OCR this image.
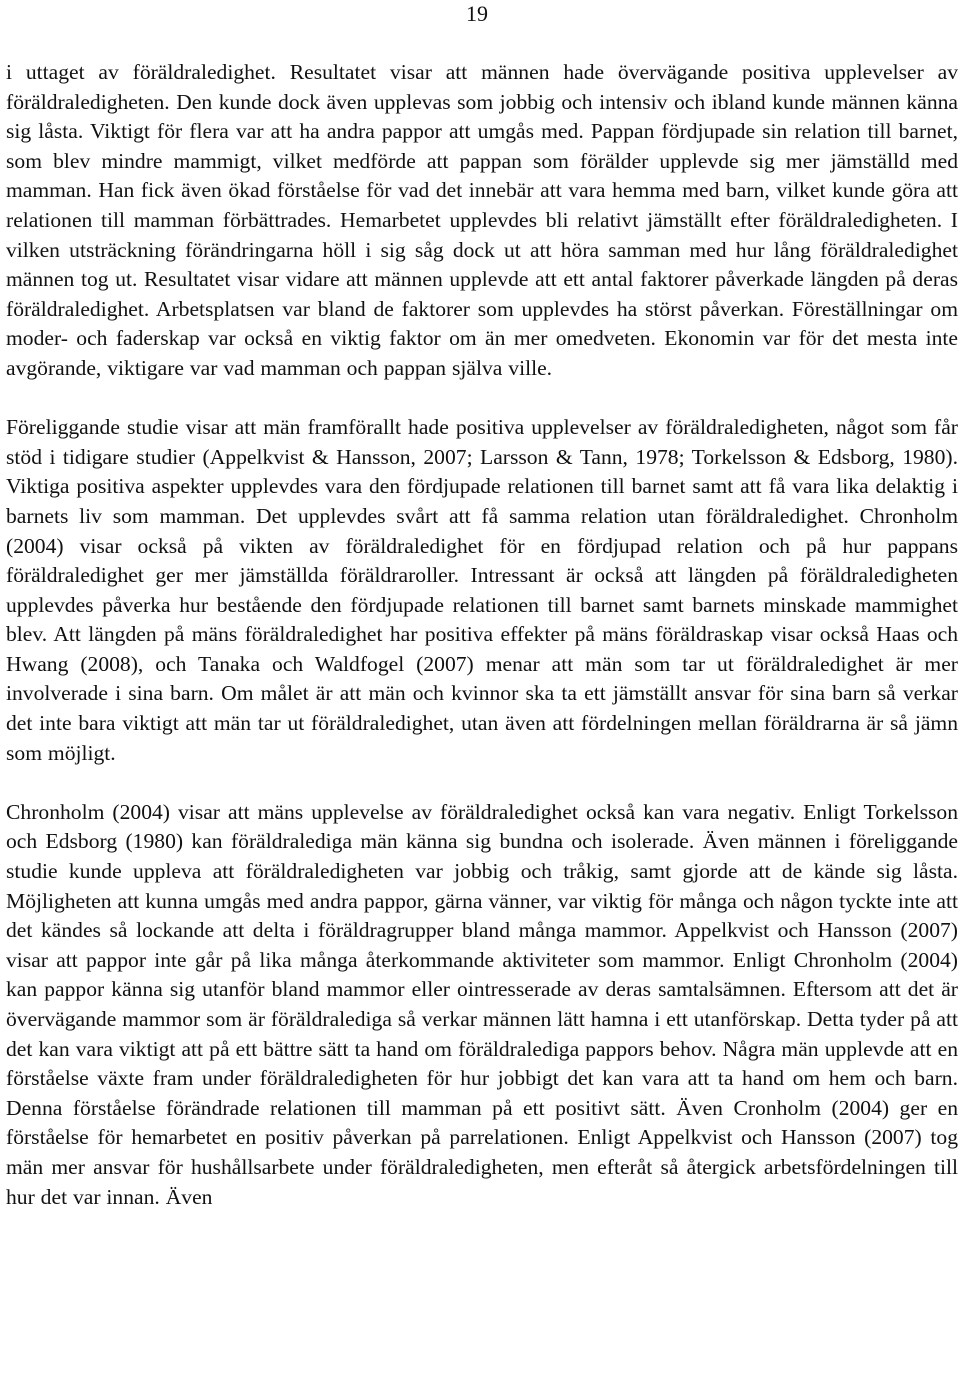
19

i uttaget av föräldraledighet. Resultatet visar att männen hade övervägande positiva upplevelser av föräldraledigheten. Den kunde dock även upplevas som jobbig och intensiv och ibland kunde männen känna sig låsta. Viktigt för flera var att ha andra pappor att umgås med. Pappan fördjupade sin relation till barnet, som blev mindre mammigt, vilket medförde att pappan som förälder upplevde sig mer jämställd med mamman. Han fick även ökad förståelse för vad det innebär att vara hemma med barn, vilket kunde göra att relationen till mamman förbättrades. Hemarbetet upplevdes bli relativt jämställt efter föräldraledigheten. I vilken utsträckning förändringarna höll i sig såg dock ut att höra samman med hur lång föräldraledighet männen tog ut. Resultatet visar vidare att männen upplevde att ett antal faktorer påverkade längden på deras föräldraledighet. Arbetsplatsen var bland de faktorer som upplevdes ha störst påverkan. Föreställningar om moder- och faderskap var också en viktig faktor om än mer omedveten. Ekonomin var för det mesta inte avgörande, viktigare var vad mamman och pappan själva ville.

Föreliggande studie visar att män framförallt hade positiva upplevelser av föräldraledigheten, något som får stöd i tidigare studier (Appelkvist & Hansson, 2007; Larsson & Tann, 1978; Torkelsson & Edsborg, 1980). Viktiga positiva aspekter upplevdes vara den fördjupade relationen till barnet samt att få vara lika delaktig i barnets liv som mamman. Det upplevdes svårt att få samma relation utan föräldraledighet. Chronholm (2004) visar också på vikten av föräldraledighet för en fördjupad relation och på hur pappans föräldraledighet ger mer jämställda föräldraroller. Intressant är också att längden på föräldraledigheten upplevdes påverka hur bestående den fördjupade relationen till barnet samt barnets minskade mammighet blev. Att längden på mäns föräldraledighet har positiva effekter på mäns föräldraskap visar också Haas och Hwang (2008), och Tanaka och Waldfogel (2007) menar att män som tar ut föräldraledighet är mer involverade i sina barn. Om målet är att män och kvinnor ska ta ett jämställt ansvar för sina barn så verkar det inte bara viktigt att män tar ut föräldraledighet, utan även att fördelningen mellan föräldrarna är så jämn som möjligt.

Chronholm (2004) visar att mäns upplevelse av föräldraledighet också kan vara negativ. Enligt Torkelsson och Edsborg (1980) kan föräldralediga män känna sig bundna och isolerade. Även männen i föreliggande studie kunde uppleva att föräldraledigheten var jobbig och tråkig, samt gjorde att de kände sig låsta. Möjligheten att kunna umgås med andra pappor, gärna vänner, var viktig för många och någon tyckte inte att det kändes så lockande att delta i föräldragrupper bland många mammor. Appelkvist och Hansson (2007) visar att pappor inte går på lika många återkommande aktiviteter som mammor. Enligt Chronholm (2004) kan pappor känna sig utanför bland mammor eller ointresserade av deras samtalsämnen. Eftersom att det är övervägande mammor som är föräldralediga så verkar männen lätt hamna i ett utanförskap. Detta tyder på att det kan vara viktigt att på ett bättre sätt ta hand om föräldralediga pappors behov. Några män upplevde att en förståelse växte fram under föräldraledigheten för hur jobbigt det kan vara att ta hand om hem och barn. Denna förståelse förändrade relationen till mamman på ett positivt sätt. Även Cronholm (2004) ger en förståelse för hemarbetet en positiv påverkan på parrelationen. Enligt Appelkvist och Hansson (2007) tog män mer ansvar för hushållsarbete under föräldraledigheten, men efteråt så återgick arbetsfördelningen till hur det var innan. Även
